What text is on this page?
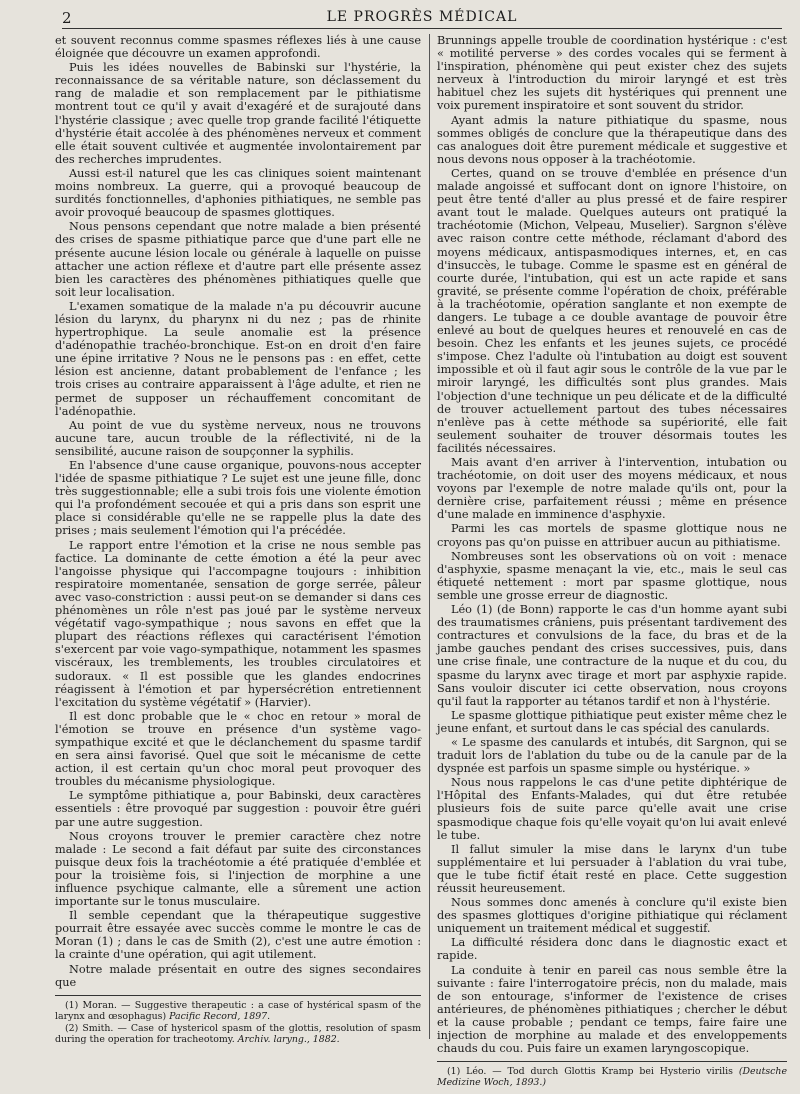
2	LE PROGRÈS MÉDICAL

et souvent reconnus comme spasmes réflexes liés à une cause éloignée que découvre un examen approfondi.

Puis les idées nouvelles de Babinski sur l'hystérie, la reconnaissance de sa véritable nature, son déclassement du rang de maladie et son remplacement par le pithiatisme montrent tout ce qu'il y avait d'exagéré et de surajouté dans l'hystérie classique ; avec quelle trop grande facilité l'étiquette d'hystérie était accolée à des phénomènes nerveux et comment elle était souvent cultivée et augmentée involontairement par des recherches imprudentes.

Aussi est-il naturel que les cas cliniques soient maintenant moins nombreux. La guerre, qui a provoqué beaucoup de surdités fonctionnelles, d'aphonies pithiatiques, ne semble pas avoir provoqué beaucoup de spasmes glottiques.

Nous pensons cependant que notre malade a bien présenté des crises de spasme pithiatique parce que d'une part elle ne présente aucune lésion locale ou générale à laquelle on puisse attacher une action réflexe et d'autre part elle présente assez bien les caractères des phénomènes pithiatiques quelle que soit leur localisation.

L'examen somatique de la malade n'a pu découvrir aucune lésion du larynx, du pharynx ni du nez ; pas de rhinite hypertrophique. La seule anomalie est la présence d'adénopathie trachéo-bronchique. Est-on en droit d'en faire une épine irritative ? Nous ne le pensons pas : en effet, cette lésion est ancienne, datant probablement de l'enfance ; les trois crises au contraire apparaissent à l'âge adulte, et rien ne permet de supposer un réchauffement concomitant de l'adénopathie.

Au point de vue du système nerveux, nous ne trouvons aucune tare, aucun trouble de la réflectivité, ni de la sensibilité, aucune raison de soupçonner la syphilis.

En l'absence d'une cause organique, pouvons-nous accepter l'idée de spasme pithiatique ? Le sujet est une jeune fille, donc très suggestionnable; elle a subi trois fois une violente émotion qui l'a profondément secouée et qui a pris dans son esprit une place si considérable qu'elle ne se rappelle plus la date des prises ; mais seulement l'émotion qui l'a précédée.

Le rapport entre l'émotion et la crise ne nous semble pas factice. La dominante de cette émotion a été la peur avec l'angoisse physique qui l'accompagne toujours : inhibition respiratoire momentanée, sensation de gorge serrée, pâleur avec vaso-constriction : aussi peut-on se demander si dans ces phénomènes un rôle n'est pas joué par le système nerveux végétatif vago-sympathique ; nous savons en effet que la plupart des réactions réflexes qui caractérisent l'émotion s'exercent par voie vago-sympathique, notamment les spasmes viscéraux, les tremblements, les troubles circulatoires et sudoraux. « Il est possible que les glandes endocrines réagissent à l'émotion et par hypersécrétion entretiennent l'excitation du système végétatif » (Harvier).

Il est donc probable que le « choc en retour » moral de l'émotion se trouve en présence d'un système vago-sympathique excité et que le déclanchement du spasme tardif en sera ainsi favorisé. Quel que soit le mécanisme de cette action, il est certain qu'un choc moral peut provoquer des troubles du mécanisme physiologique.

Le symptôme pithiatique a, pour Babinski, deux caractères essentiels : être provoqué par suggestion : pouvoir être guéri par une autre suggestion.

Nous croyons trouver le premier caractère chez notre malade : Le second a fait défaut par suite des circonstances puisque deux fois la trachéotomie a été pratiquée d'emblée et pour la troisième fois, si l'injection de morphine a une influence psychique calmante, elle a sûrement une action importante sur le tonus musculaire.

Il semble cependant que la thérapeutique suggestive pourrait être essayée avec succès comme le montre le cas de Moran (1) ; dans le cas de Smith (2), c'est une autre émotion : la crainte d'une opération, qui agit utilement.

Notre malade présentait en outre des signes secondaires que

(1) Moran. — Suggestive therapeutic : a case of hystérical spasm of the larynx and œsophagus) Pacific Record, 1897.
(2) Smith. — Case of hystericol spasm of the glottis, resolution of spasm during the operation for tracheotomy. Archiv. laryng., 1882.

Brunnings appelle trouble de coordination hystérique : c'est « motilité perverse » des cordes vocales qui se ferment à l'inspiration, phénomène qui peut exister chez des sujets nerveux à l'introduction du miroir laryngé et est très habituel chez les sujets dit hystériques qui prennent une voix purement inspiratoire et sont souvent du stridor.

Ayant admis la nature pithiatique du spasme, nous sommes obligés de conclure que la thérapeutique dans des cas analogues doit être purement médicale et suggestive et nous devons nous opposer à la trachéotomie.

Certes, quand on se trouve d'emblée en présence d'un malade angoissé et suffocant dont on ignore l'histoire, on peut être tenté d'aller au plus pressé et de faire respirer avant tout le malade. Quelques auteurs ont pratiqué la trachéotomie (Michon, Velpeau, Muselier). Sargnon s'élève avec raison contre cette méthode, réclamant d'abord des moyens médicaux, antispasmodiques internes, et, en cas d'insuccès, le tubage. Comme le spasme est en général de courte durée, l'intubation, qui est un acte rapide et sans gravité, se présente comme l'opération de choix, préférable à la trachéotomie, opération sanglante et non exempte de dangers. Le tubage a ce double avantage de pouvoir être enlevé au bout de quelques heures et renouvelé en cas de besoin. Chez les enfants et les jeunes sujets, ce procédé s'impose. Chez l'adulte où l'intubation au doigt est souvent impossible et où il faut agir sous le contrôle de la vue par le miroir laryngé, les difficultés sont plus grandes. Mais l'objection d'une technique un peu délicate et de la difficulté de trouver actuellement partout des tubes nécessaires n'enlève pas à cette méthode sa supériorité, elle fait seulement souhaiter de trouver désormais toutes les facilités nécessaires.

Mais avant d'en arriver à l'intervention, intubation ou trachéotomie, on doit user des moyens médicaux, et nous voyons par l'exemple de notre malade qu'ils ont, pour la dernière crise, parfaitement réussi ; même en présence d'une malade en imminence d'asphyxie.

Parmi les cas mortels de spasme glottique nous ne croyons pas qu'on puisse en attribuer aucun au pithiatisme.

Nombreuses sont les observations où on voit : menace d'asphyxie, spasme menaçant la vie, etc., mais le seul cas étiqueté nettement : mort par spasme glottique, nous semble une grosse erreur de diagnostic.

Léo (1) (de Bonn) rapporte le cas d'un homme ayant subi des traumatismes crâniens, puis présentant tardivement des contractures et convulsions de la face, du bras et de la jambe gauches pendant des crises successives, puis, dans une crise finale, une contracture de la nuque et du cou, du spasme du larynx avec tirage et mort par asphyxie rapide. Sans vouloir discuter ici cette observation, nous croyons qu'il faut la rapporter au tétanos tardif et non à l'hystérie.

Le spasme glottique pithiatique peut exister même chez le jeune enfant, et surtout dans le cas spécial des canulards.

« Le spasme des canulards et intubés, dit Sargnon, qui se traduit lors de l'ablation du tube ou de la canule par de la dyspnée est parfois un spasme simple ou hystérique. »

Nous nous rappelons le cas d'une petite diphtérique de l'Hôpital des Enfants-Malades, qui dut être retubée plusieurs fois de suite parce qu'elle avait une crise spasmodique chaque fois qu'elle voyait qu'on lui avait enlevé le tube.

Il fallut simuler la mise dans le larynx d'un tube supplémentaire et lui persuader à l'ablation du vrai tube, que le tube fictif était resté en place. Cette suggestion réussit heureusement.

Nous sommes donc amenés à conclure qu'il existe bien des spasmes glottiques d'origine pithiatique qui réclament uniquement un traitement médical et suggestif.

La difficulté résidera donc dans le diagnostic exact et rapide.

La conduite à tenir en pareil cas nous semble être la suivante : faire l'interrogatoire précis, non du malade, mais de son entourage, s'informer de l'existence de crises antérieures, de phénomènes pithiatiques ; chercher le début et la cause probable ; pendant ce temps, faire faire une injection de morphine au malade et des enveloppements chauds du cou. Puis faire un examen laryngoscopique.

(1) Léo. — Tod durch Glottis Kramp bei Hysterio virilis (Deutsche Medizine Woch, 1893.)
